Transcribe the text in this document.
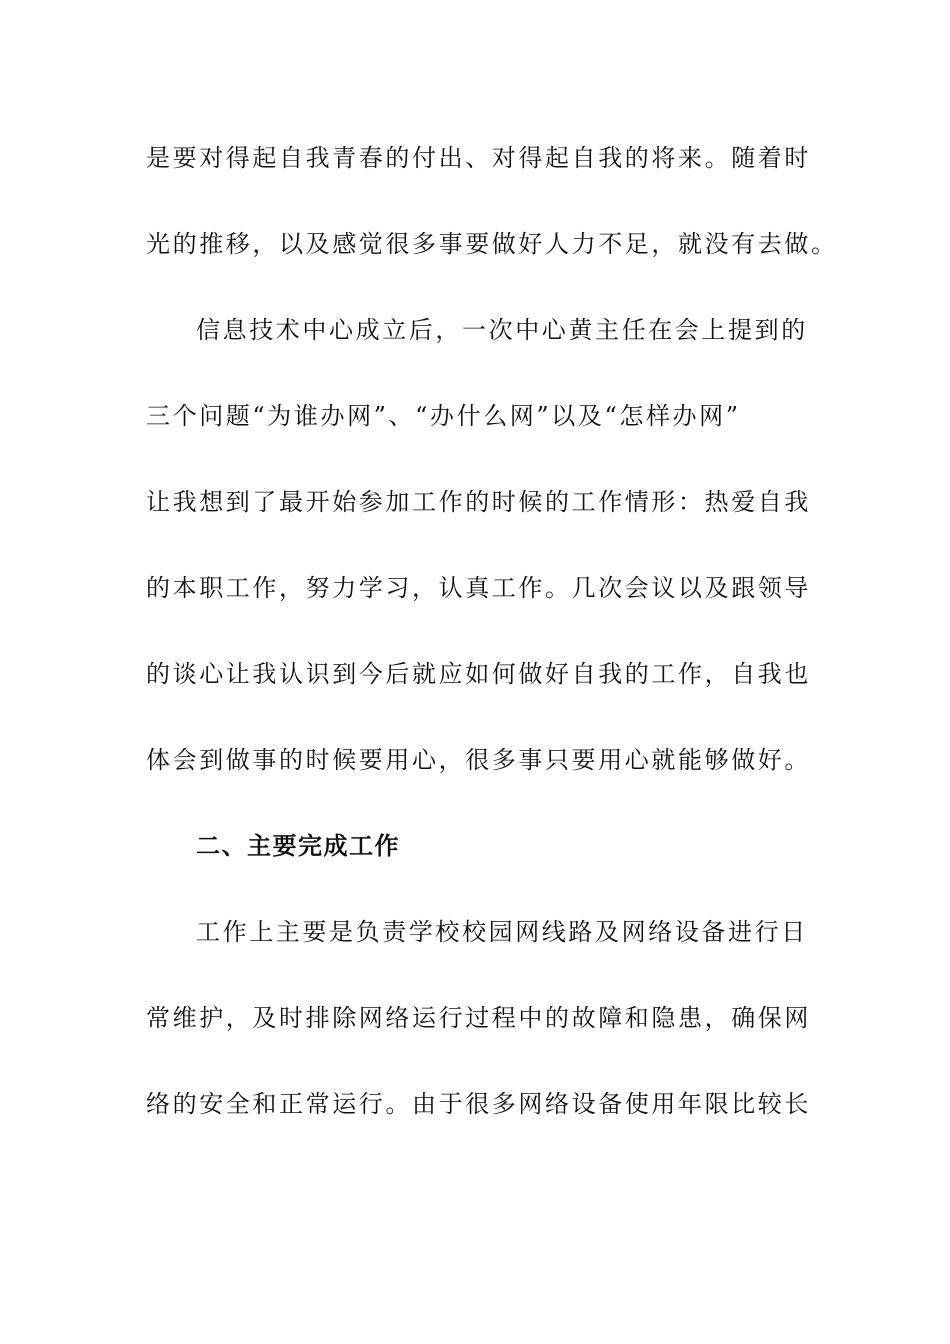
是要对得起自我青春的付出、对得起自我的将来。随着时
光的推移，以及感觉很多事要做好人力不足，就没有去做。
信息技术中心成立后，一次中心黄主任在会上提到的
三个问题“为谁办网”、“办什么网”以及“怎样办网”
让我想到了最开始参加工作的时候的工作情形：热爱自我
的本职工作，努力学习，认真工作。几次会议以及跟领导
的谈心让我认识到今后就应如何做好自我的工作，自我也
体会到做事的时候要用心，很多事只要用心就能够做好。
二、主要完成工作
工作上主要是负责学校校园网线路及网络设备进行日
常维护，及时排除网络运行过程中的故障和隐患，确保网
络的安全和正常运行。由于很多网络设备使用年限比较长
